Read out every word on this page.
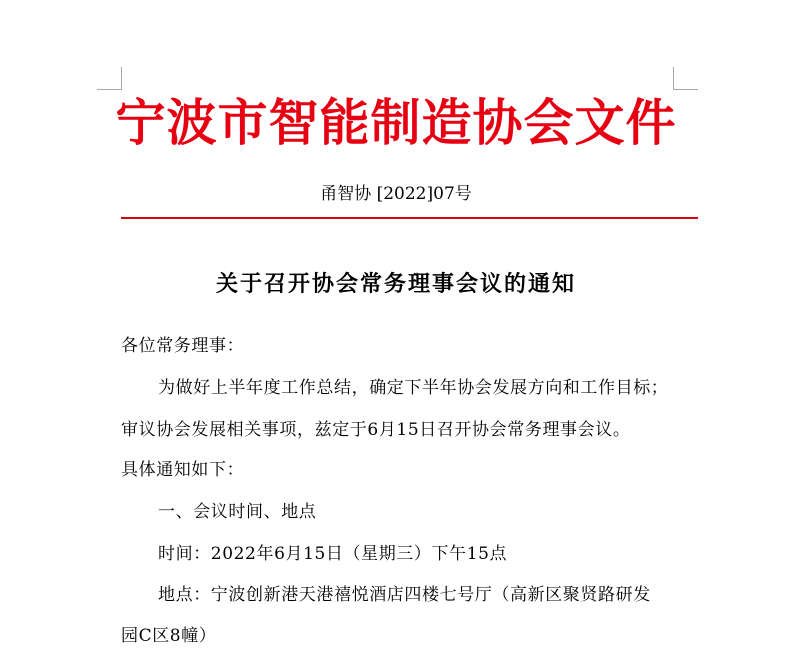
宁波市智能制造协会文件
甬智协 [2022]07号
关于召开协会常务理事会议的通知
各位常务理事：
为做好上半年度工作总结，确定下半年协会发展方向和工作目标；
审议协会发展相关事项，兹定于6月15日召开协会常务理事会议。
具体通知如下：
一、会议时间、地点
时间：2022年6月15日（星期三）下午15点
地点：宁波创新港天港禧悦酒店四楼七号厅（高新区聚贤路研发
园C区8幢）
